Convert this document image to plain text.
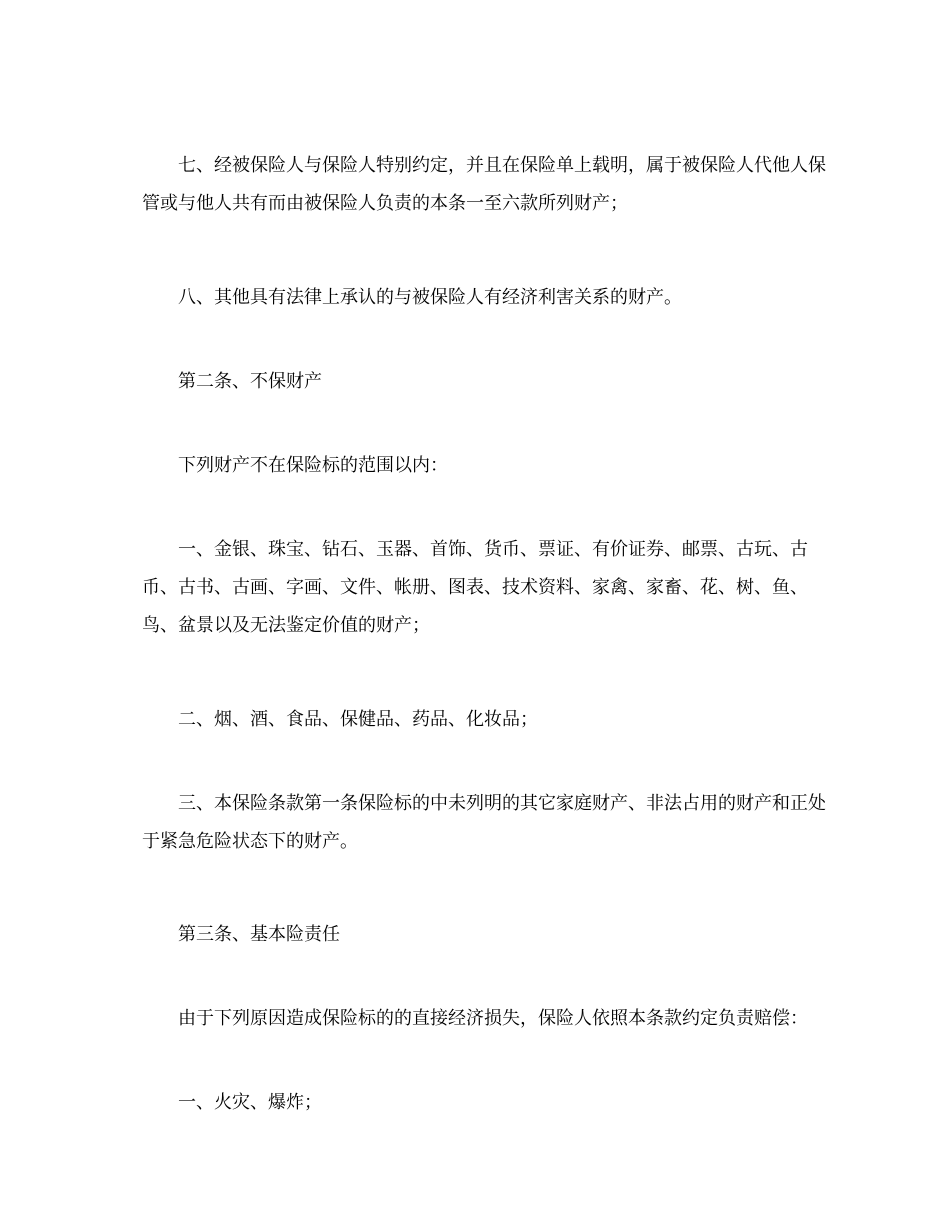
七、经被保险人与保险人特别约定，并且在保险单上载明，属于被保险人代他人保管或与他人共有而由被保险人负责的本条一至六款所列财产；

八、其他具有法律上承认的与被保险人有经济利害关系的财产。

第二条、不保财产

下列财产不在保险标的范围以内：

一、金银、珠宝、钻石、玉器、首饰、货币、票证、有价证券、邮票、古玩、古币、古书、古画、字画、文件、帐册、图表、技术资料、家禽、家畜、花、树、鱼、鸟、盆景以及无法鉴定价值的财产；

二、烟、酒、食品、保健品、药品、化妆品；

三、本保险条款第一条保险标的中未列明的其它家庭财产、非法占用的财产和正处于紧急危险状态下的财产。

第三条、基本险责任

由于下列原因造成保险标的的直接经济损失，保险人依照本条款约定负责赔偿：

一、火灾、爆炸；
